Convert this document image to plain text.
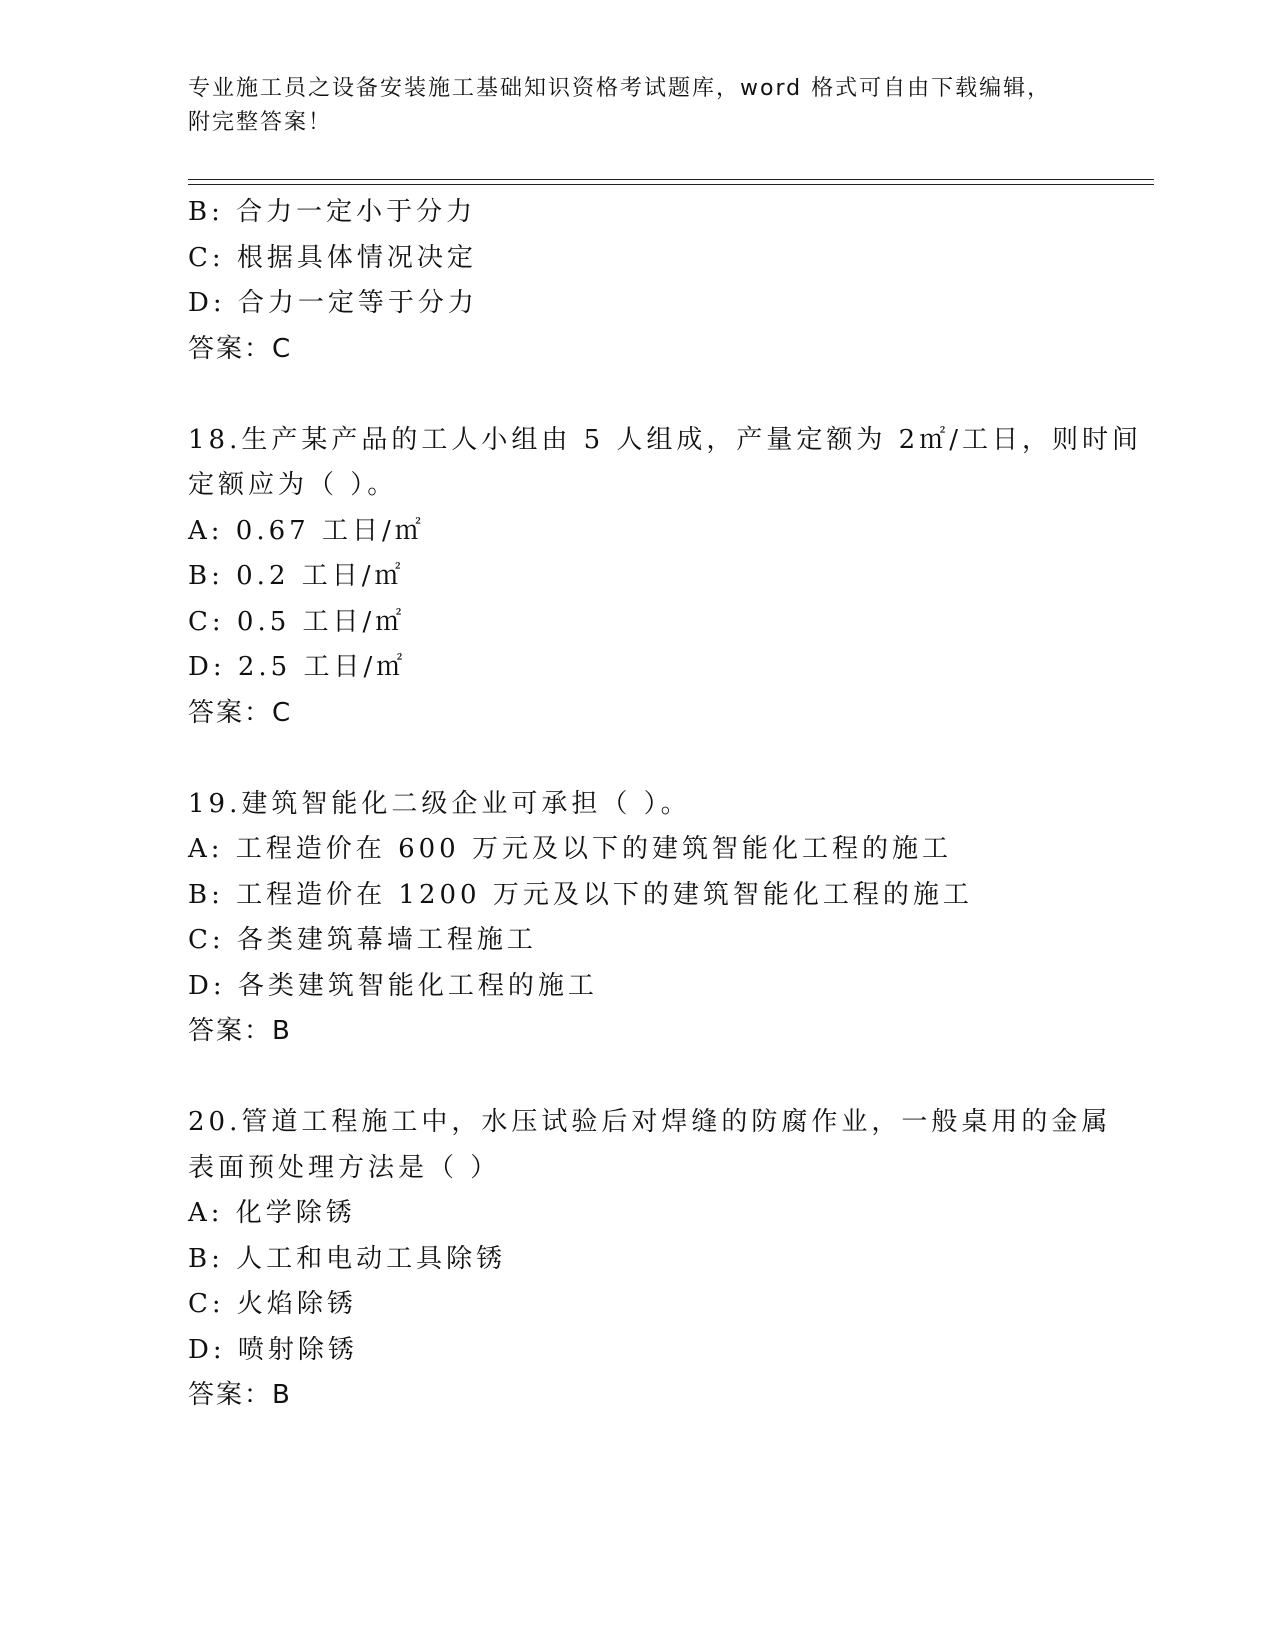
专业施工员之设备安装施工基础知识资格考试题库，word 格式可自由下载编辑，
附完整答案！
B: 合力一定小于分力
C: 根据具体情况决定
D: 合力一定等于分力
答案：C
18.生产某产品的工人小组由 5 人组成，产量定额为 2㎡/工日，则时间
定额应为（ ）。
A: 0.67 工日/㎡
B: 0.2 工日/㎡
C: 0.5 工日/㎡
D: 2.5 工日/㎡
答案：C
19.建筑智能化二级企业可承担（ ）。
A: 工程造价在 600 万元及以下的建筑智能化工程的施工
B: 工程造价在 1200 万元及以下的建筑智能化工程的施工
C: 各类建筑幕墙工程施工
D: 各类建筑智能化工程的施工
答案：B
20.管道工程施工中，水压试验后对焊缝的防腐作业，一般桌用的金属
表面预处理方法是（ ）
A: 化学除锈
B: 人工和电动工具除锈
C: 火焰除锈
D: 喷射除锈
答案：B
